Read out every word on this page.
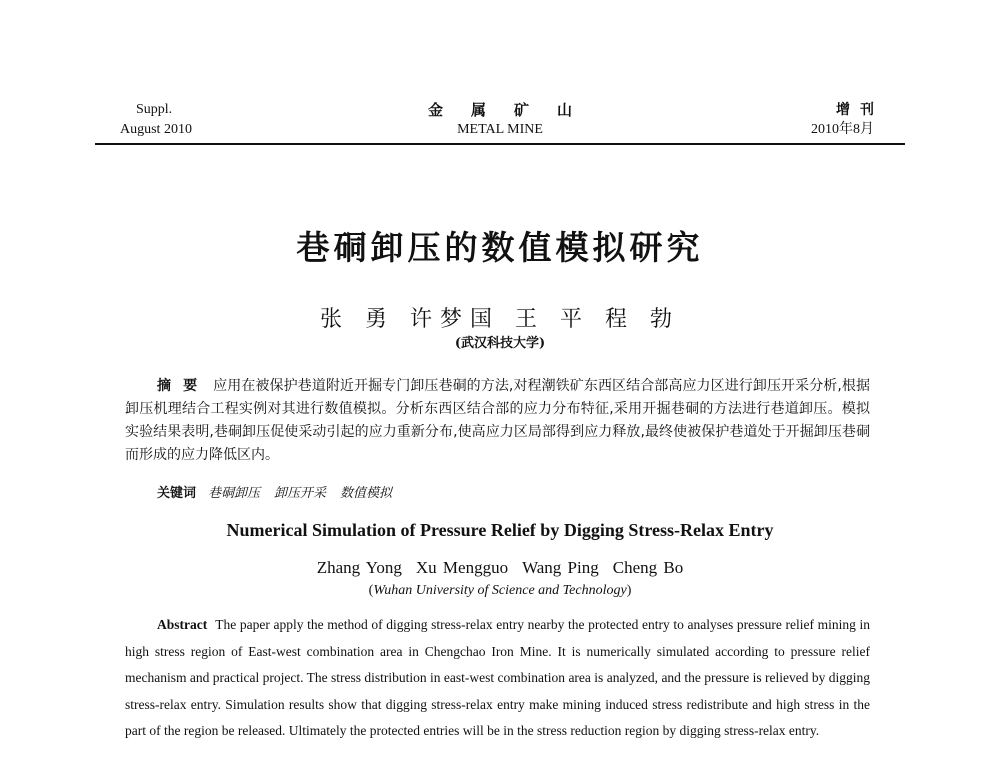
Suppl.
August 2010
金属矿山
METAL MINE
增刊
2010年8月
巷硐卸压的数值模拟研究
张 勇 许梦国 王 平 程 勃
(武汉科技大学)
摘要 应用在被保护巷道附近开掘专门卸压巷硐的方法,对程潮铁矿东西区结合部高应力区进行卸压开采分析,根据卸压机理结合工程实例对其进行数值模拟。分析东西区结合部的应力分布特征,采用开掘巷硐的方法进行巷道卸压。模拟实验结果表明,巷硐卸压促使采动引起的应力重新分布,使高应力区局部得到应力释放,最终使被保护巷道处于开掘卸压巷硐而形成的应力降低区内。
关键词 巷硐卸压 卸压开采 数值模拟
Numerical Simulation of Pressure Relief by Digging Stress-Relax Entry
Zhang Yong Xu Mengguo Wang Ping Cheng Bo
(Wuhan University of Science and Technology)
Abstract The paper apply the method of digging stress-relax entry nearby the protected entry to analyses pressure relief mining in high stress region of East-west combination area in Chengchao Iron Mine. It is numerically simulated according to pressure relief mechanism and practical project. The stress distribution in east-west combination area is analyzed, and the pressure is relieved by digging stress-relax entry. Simulation results show that digging stress-relax entry make mining induced stress redistribute and high stress in the part of the region be released. Ultimately the protected entries will be in the stress reduction region by digging stress-relax entry.
